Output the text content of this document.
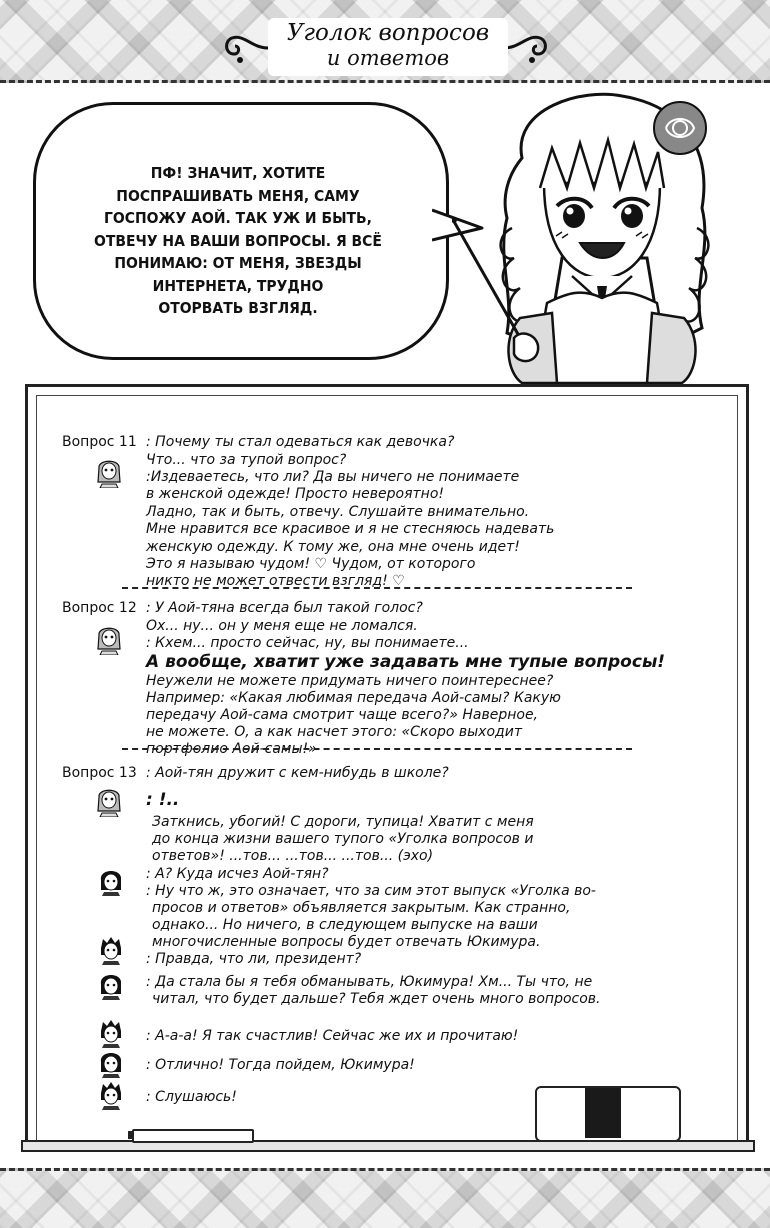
Уголок вопросов
и ответов
ПФ! ЗНАЧИТ, ХОТИТЕ
ПОСПРАШИВАТЬ МЕНЯ, САМУ
ГОСПОЖУ АОЙ. ТАК УЖ И БЫТЬ,
ОТВЕЧУ НА ВАШИ ВОПРОСЫ. Я ВСЁ
ПОНИМАЮ: ОТ МЕНЯ, ЗВЕЗДЫ
ИНТЕРНЕТА, ТРУДНО
ОТОРВАТЬ ВЗГЛЯД.
Вопрос 11 : Почему ты стал одеваться как девочка?
Что... что за тупой вопрос?
:Издеваетесь, что ли? Да вы ничего не понимаете
в женской одежде! Просто невероятно!
Ладно, так и быть, отвечу. Слушайте внимательно.
Мне нравится все красивое и я не стесняюсь надевать
женскую одежду. К тому же, она мне очень идет!
Это я называю чудом! ♡ Чудом, от которого
никто не может отвести взгляд! ♡
Вопрос 12 : У Аой-тяна всегда был такой голос?
Ох... ну... он у меня еще не ломался.
: Кхем... просто сейчас, ну, вы понимаете...
А вообще, хватит уже задавать мне тупые вопросы!
Неужели не можете придумать ничего поинтереснее?
Например: «Какая любимая передача Аой-самы? Какую
передачу Аой-сама смотрит чаще всего?» Наверное,
не можете. О, а как насчет этого: «Скоро выходит
портфолио Аой-самы!»
Вопрос 13 : Аой-тян дружит с кем-нибудь в школе?
: !..
Заткнись, убогий! С дороги, тупица! Хватит с меня
до конца жизни вашего тупого «Уголка вопросов и
ответов»! ...тов... ...тов... ...тов... (эхо)
: А? Куда исчез Аой-тян?
: Ну что ж, это означает, что за сим этот выпуск «Уголка во-
просов и ответов» объявляется закрытым. Как странно,
однако... Но ничего, в следующем выпуске на ваши
многочисленные вопросы будет отвечать Юкимура.
: Правда, что ли, президент?
: Да стала бы я тебя обманывать, Юкимура! Хм... Ты что, не
читал, что будет дальше? Тебя ждет очень много вопросов.
: А-а-а! Я так счастлив! Сейчас же их и прочитаю!
: Отлично! Тогда пойдем, Юкимура!
: Слушаюсь!
